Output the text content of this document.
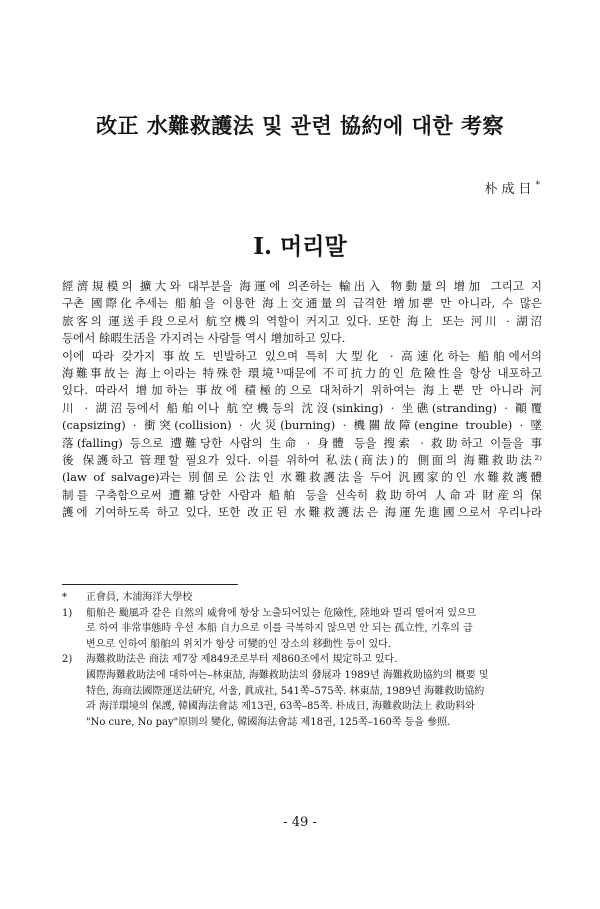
改正 水難救護法 및 관련 協約에 대한 考察
朴成日*
I. 머리말
經濟規模의 擴大와 대부분을 海運에 의존하는 輸出入 物動量의 增加 그리고 지
구촌 國際化추세는 船舶을 이용한 海上交通量의 급격한 增加뿐 만 아니라, 수 많은
旅客의 運送手段으로서 航空機의 역할이 커지고 있다. 또한 海上 또는 河川 · 湖沼
등에서 餘暇生活을 가지려는 사람들 역시 增加하고 있다.
이에 따라 갖가지 事故도 빈발하고 있으며 특히 大型化 · 高速化하는 船舶에서의
海難事故는 海上이라는 特殊한 環境¹⁾때문에 不可抗力的인 危險性을 항상 내포하고
있다. 따라서 增加하는 事故에 積極的으로 대처하기 위하여는 海上뿐 만 아니라 河
川 · 湖沼등에서 船舶이나 航空機등의 沈沒(sinking) · 坐礁(stranding) · 顚覆
(capsizing) · 衝突(collision) · 火災(burning) · 機關故障(engine trouble) · 墜
落(falling) 등으로 遭難당한 사람의 生命 · 身體 등을 搜索 · 救助하고 이들을 事
後 保護하고 管理할 필요가 있다. 이를 위하여 私法(商法)的 側面의 海難救助法²⁾
(law of salvage)과는 別個로 公法인 水難救護法을 두어 汎國家的인 水難救護體
制를 구축함으로써 遭難당한 사람과 船舶 등을 신속히 救助하여 人命과 財産의 保
護에 기여하도록 하고 있다. 또한 改正된 水難救護法은 海運先進國으로서 우리나라
* 正會員, 木浦海洋大學校
1) 船舶은 颱風과 같은 自然의 威脅에 항상 노출되어있는 危險性, 陸地와 멀리 떨어져 있으므
로 하여 非常事態時 우선 本船 自力으로 이를 극복하지 않으면 안 되는 孤立性, 기후의 급
변으로 인하여 船舶의 위치가 항상 可變的인 장소의 移動性 등이 있다.
2) 海難救助法은 商法 제7장 제849조로부터 제860조에서 規定하고 있다.
國際海難救助法에 대하여는–林東喆, 海難救助法의 發展과 1989년 海難救助協約의 概要 및
特色, 海商法國際運送法硏究, 서울, 眞成社, 541쪽–575쪽. 林東喆, 1989년 海難救助協約
과 海洋環境의 保護, 韓國海法會誌 제13권, 63쪽–85쪽. 朴成日, 海難救助法上 救助料와
"No cure, No pay"原則의 變化, 韓國海法會誌 제18권, 125쪽–160쪽 등을 參照.
- 49 -
